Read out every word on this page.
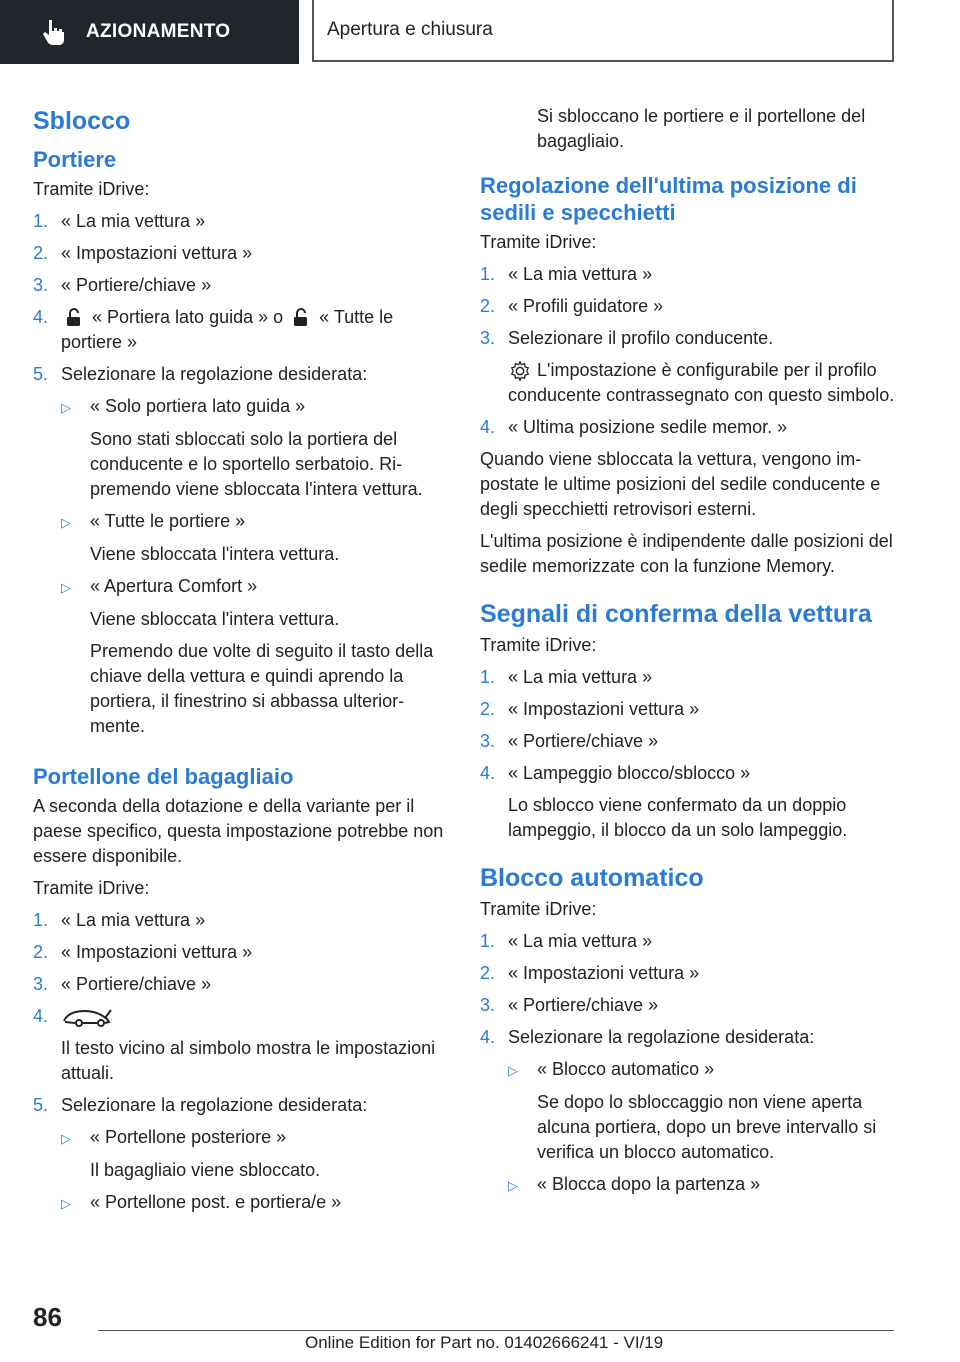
AZIONAMENTO	Apertura e chiusura
Sblocco
Portiere

Tramite iDrive:

1. « La mia vettura »
2. « Impostazioni vettura »
3. « Portiere/chiave »
4.	« Portiera lato guida » o  « Tutte le portiere »
5. Selezionare la regolazione desiderata:
▷	« Solo portiera lato guida »

Sono stati sbloccati solo la portiera del conducente e lo sportello serbatoio. Ripremendo viene sbloccata l'intera vettura.

▷	« Tutte le portiere »

Viene sbloccata l'intera vettura.

▷	« Apertura Comfort »

Viene sbloccata l'intera vettura.

Premendo due volte di seguito il tasto della chiave della vettura e quindi aprendo la portiera, il finestrino si abbassa ulteriormente.

Portellone del bagagliaio

A seconda della dotazione e della variante per il paese specifico, questa impostazione potrebbe non essere disponibile.

Tramite iDrive:

1. « La mia vettura »
2. « Impostazioni vettura »
3. « Portiere/chiave »
4.

Il testo vicino al simbolo mostra le impostazioni attuali.

5. Selezionare la regolazione desiderata:
▷	« Portellone posteriore »

Il bagagliaio viene sbloccato.

▷	« Portellone post. e portiera/e »

Si sbloccano le portiere e il portellone del bagagliaio.

Regolazione dell'ultima posizione di sedili e specchietti

Tramite iDrive:

1. « La mia vettura »
2. « Profili guidatore »
3. Selezionare il profilo conducente.

L'impostazione è configurabile per il profilo conducente contrassegnato con questo simbolo.

4. « Ultima posizione sedile memor. »

Quando viene sbloccata la vettura, vengono impostate le ultime posizioni del sedile conducente e degli specchietti retrovisori esterni.

L'ultima posizione è indipendente dalle posizioni del sedile memorizzate con la funzione Memory.

Segnali di conferma della vettura

Tramite iDrive:

1. « La mia vettura »
2. « Impostazioni vettura »
3. « Portiere/chiave »
4. « Lampeggio blocco/sblocco »

Lo sblocco viene confermato da un doppio lampeggio, il blocco da un solo lampeggio.

Blocco automatico

Tramite iDrive:

1. « La mia vettura »
2. « Impostazioni vettura »
3. « Portiere/chiave »
4. Selezionare la regolazione desiderata:
▷	« Blocco automatico »

Se dopo lo sbloccaggio non viene aperta alcuna portiera, dopo un breve intervallo si verifica un blocco automatico.

▷	« Blocca dopo la partenza »
86
Online Edition for Part no. 01402666241 - VI/19
